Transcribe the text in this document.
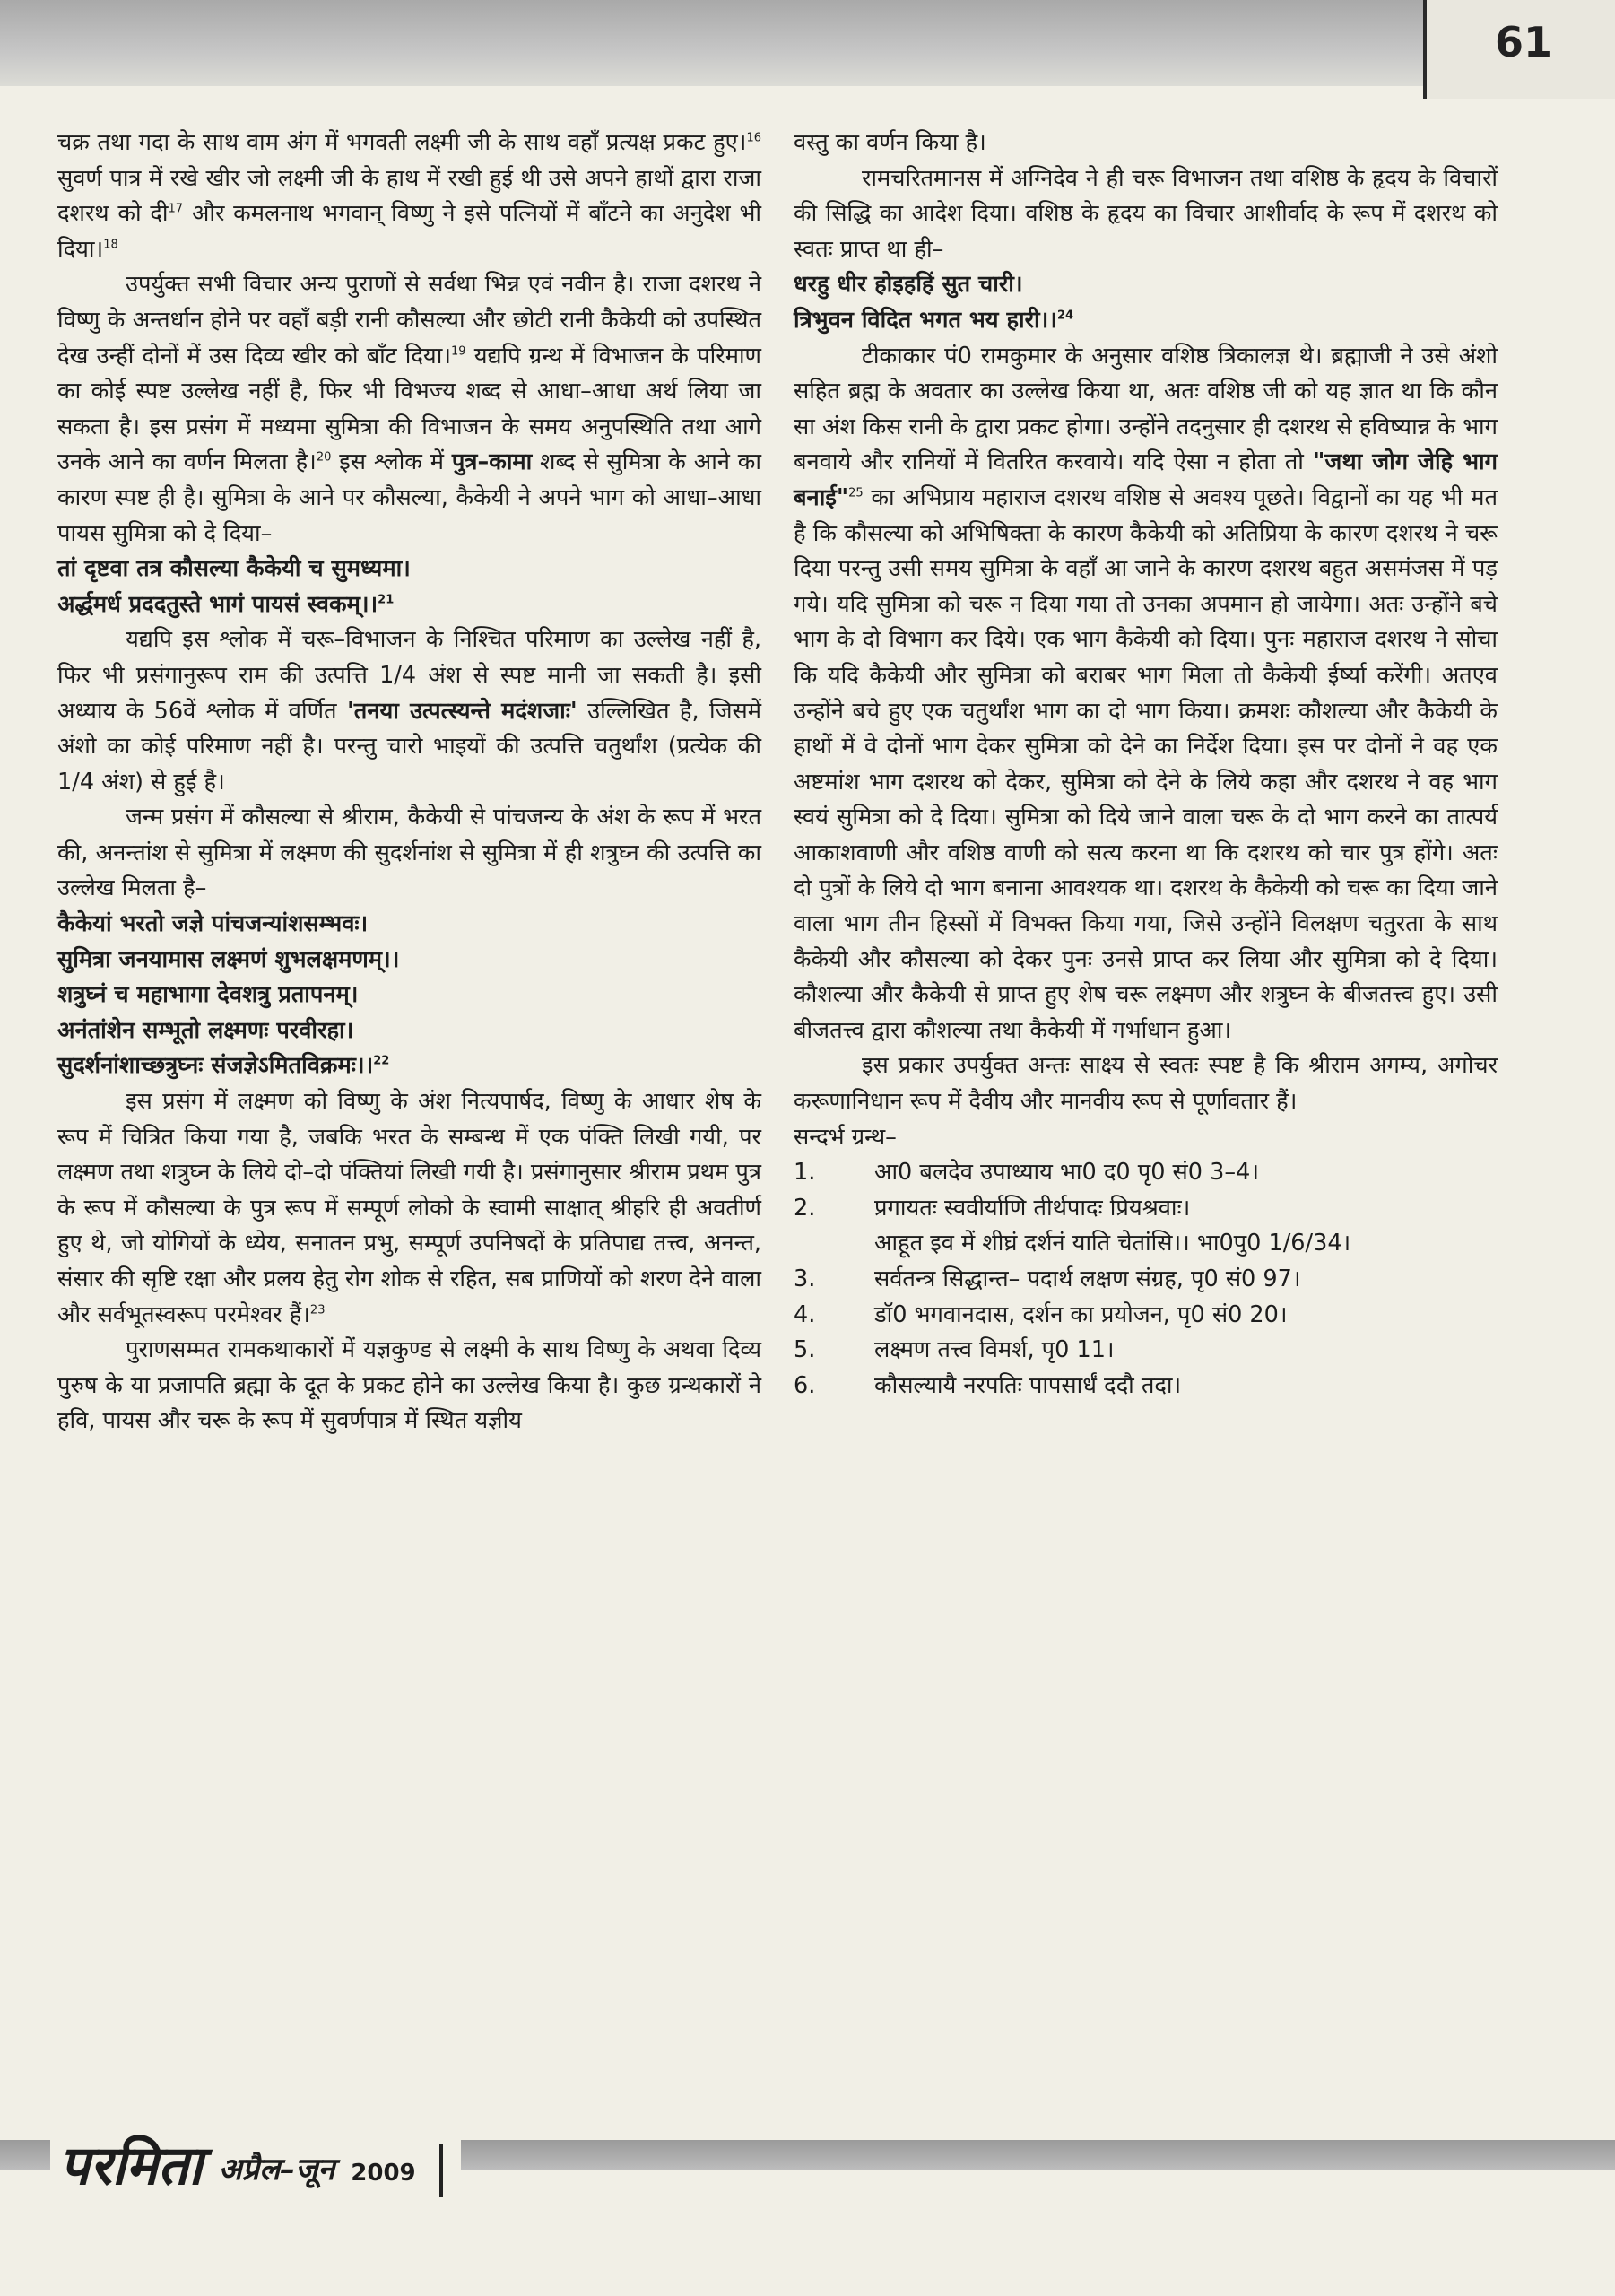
61

चक्र तथा गदा के साथ वाम अंग में भगवती लक्ष्मी जी के साथ वहाँ प्रत्यक्ष प्रकट हुए।$^{16}$ सुवर्ण पात्र में रखे खीर जो लक्ष्मी जी के हाथ में रखी हुई थी उसे अपने हाथों द्वारा राजा दशरथ को दी$^{17}$ और कमलनाथ भगवान् विष्णु ने इसे पत्नियों में बाँटने का अनुदेश भी दिया।$^{18}$

उपर्युक्त सभी विचार अन्य पुराणों से सर्वथा भिन्न एवं नवीन है। राजा दशरथ ने विष्णु के अन्तर्धान होने पर वहाँ बड़ी रानी कौसल्या और छोटी रानी कैकेयी को उपस्थित देख उन्हीं दोनों में उस दिव्य खीर को बाँट दिया।$^{19}$ यद्यपि ग्रन्थ में विभाजन के परिमाण का कोई स्पष्ट उल्लेख नहीं है, फिर भी विभज्य शब्द से आधा–आधा अर्थ लिया जा सकता है। इस प्रसंग में मध्यमा सुमित्रा की विभाजन के समय अनुपस्थिति तथा आगे उनके आने का वर्णन मिलता है।$^{20}$ इस श्लोक में पुत्र–कामा शब्द से सुमित्रा के आने का कारण स्पष्ट ही है। सुमित्रा के आने पर कौसल्या, कैकेयी ने अपने भाग को आधा–आधा पायस सुमित्रा को दे दिया–

तां दृष्टवा तत्र कौसल्या कैकेयी च सुमध्यमा।

अर्द्धमर्ध प्रददतुस्ते भागं पायसं स्वकम्।।$^{21}$

यद्यपि इस श्लोक में चरू–विभाजन के निश्चित परिमाण का उल्लेख नहीं है, फिर भी प्रसंगानुरूप राम की उत्पत्ति 1/4 अंश से स्पष्ट मानी जा सकती है। इसी अध्याय के 56वें श्लोक में वर्णित 'तनया उत्पत्स्यन्ते मदंशजाः' उल्लिखित है, जिसमें अंशो का कोई परिमाण नहीं है। परन्तु चारो भाइयों की उत्पत्ति चतुर्थांश (प्रत्येक की 1/4 अंश) से हुई है।

जन्म प्रसंग में कौसल्या से श्रीराम, कैकेयी से पांचजन्य के अंश के रूप में भरत की, अनन्तांश से सुमित्रा में लक्ष्मण की सुदर्शनांश से सुमित्रा में ही शत्रुघ्न की उत्पत्ति का उल्लेख मिलता है–

कैकेयां भरतो जज्ञे पांचजन्यांशसम्भवः।

सुमित्रा जनयामास लक्ष्मणं शुभलक्षमणम्।।

शत्रुघ्नं च महाभागा देवशत्रु प्रतापनम्।

अनंतांशेन सम्भूतो लक्ष्मणः परवीरहा।

सुदर्शनांशाच्छत्रुघ्नः संजज्ञेऽमितविक्रमः।।$^{22}$

इस प्रसंग में लक्ष्मण को विष्णु के अंश नित्यपार्षद, विष्णु के आधार शेष के रूप में चित्रित किया गया है, जबकि भरत के सम्बन्ध में एक पंक्ति लिखी गयी, पर लक्ष्मण तथा शत्रुघ्न के लिये दो–दो पंक्तियां लिखी गयी है। प्रसंगानुसार श्रीराम प्रथम पुत्र के रूप में कौसल्या के पुत्र रूप में सम्पूर्ण लोको के स्वामी साक्षात् श्रीहरि ही अवतीर्ण हुए थे, जो योगियों के ध्येय, सनातन प्रभु, सम्पूर्ण उपनिषदों के प्रतिपाद्य तत्त्व, अनन्त, संसार की सृष्टि रक्षा और प्रलय हेतु रोग शोक से रहित, सब प्राणियों को शरण देने वाला और सर्वभूतस्वरूप परमेश्वर हैं।$^{23}$

पुराणसम्मत रामकथाकारों में यज्ञकुण्ड से लक्ष्मी के साथ विष्णु के अथवा दिव्य पुरुष के या प्रजापति ब्रह्मा के दूत के प्रकट होने का उल्लेख किया है। कुछ ग्रन्थकारों ने हवि, पायस और चरू के रूप में सुवर्णपात्र में स्थित यज्ञीय

वस्तु का वर्णन किया है।

रामचरितमानस में अग्निदेव ने ही चरू विभाजन तथा वशिष्ठ के हृदय के विचारों की सिद्धि का आदेश दिया। वशिष्ठ के हृदय का विचार आशीर्वाद के रूप में दशरथ को स्वतः प्राप्त था ही–

धरहु धीर होइहहिं सुत चारी।

त्रिभुवन विदित भगत भय हारी।।$^{24}$

टीकाकार पं0 रामकुमार के अनुसार वशिष्ठ त्रिकालज्ञ थे। ब्रह्माजी ने उसे अंशो सहित ब्रह्म के अवतार का उल्लेख किया था, अतः वशिष्ठ जी को यह ज्ञात था कि कौन सा अंश किस रानी के द्वारा प्रकट होगा। उन्होंने तदनुसार ही दशरथ से हविष्यान्न के भाग बनवाये और रानियों में वितरित करवाये। यदि ऐसा न होता तो "जथा जोग जेहि भाग बनाई"$^{25}$ का अभिप्राय महाराज दशरथ वशिष्ठ से अवश्य पूछते। विद्वानों का यह भी मत है कि कौसल्या को अभिषिक्ता के कारण कैकेयी को अतिप्रिया के कारण दशरथ ने चरू दिया परन्तु उसी समय सुमित्रा के वहाँ आ जाने के कारण दशरथ बहुत असमंजस में पड़ गये। यदि सुमित्रा को चरू न दिया गया तो उनका अपमान हो जायेगा। अतः उन्होंने बचे भाग के दो विभाग कर दिये। एक भाग कैकेयी को दिया। पुनः महाराज दशरथ ने सोचा कि यदि कैकेयी और सुमित्रा को बराबर भाग मिला तो कैकेयी ईर्ष्या करेंगी। अतएव उन्होंने बचे हुए एक चतुर्थांश भाग का दो भाग किया। क्रमशः कौशल्या और कैकेयी के हाथों में वे दोनों भाग देकर सुमित्रा को देने का निर्देश दिया। इस पर दोनों ने वह एक अष्टमांश भाग दशरथ को देकर, सुमित्रा को देने के लिये कहा और दशरथ ने वह भाग स्वयं सुमित्रा को दे दिया। सुमित्रा को दिये जाने वाला चरू के दो भाग करने का तात्पर्य आकाशवाणी और वशिष्ठ वाणी को सत्य करना था कि दशरथ को चार पुत्र होंगे। अतः दो पुत्रों के लिये दो भाग बनाना आवश्यक था। दशरथ के कैकेयी को चरू का दिया जाने वाला भाग तीन हिस्सों में विभक्त किया गया, जिसे उन्होंने विलक्षण चतुरता के साथ कैकेयी और कौसल्या को देकर पुनः उनसे प्राप्त कर लिया और सुमित्रा को दे दिया। कौशल्या और कैकेयी से प्राप्त हुए शेष चरू लक्ष्मण और शत्रुघ्न के बीजतत्त्व हुए। उसी बीजतत्त्व द्वारा कौशल्या तथा कैकेयी में गर्भाधान हुआ।

इस प्रकार उपर्युक्त अन्तः साक्ष्य से स्वतः स्पष्ट है कि श्रीराम अगम्य, अगोचर करूणानिधान रूप में दैवीय और मानवीय रूप से पूर्णावतार हैं।

सन्दर्भ ग्रन्थ–

1.	आ0 बलदेव उपाध्याय भा0 द0 पृ0 सं0 3–4।
2.	प्रगायतः स्ववीर्याणि तीर्थपादः प्रियश्रवाः।
आहूत इव में शीघ्रं दर्शनं याति चेतांसि।। भा0पु0 1/6/34।
3.	सर्वतन्त्र सिद्धान्त– पदार्थ लक्षण संग्रह, पृ0 सं0 97।
4.	डॉ0 भगवानदास, दर्शन का प्रयोजन, पृ0 सं0 20।
5.	लक्ष्मण तत्त्व विमर्श, पृ0 11।
6.	कौसल्यायै नरपतिः पापसार्धं ददौ तदा।
परमिता अप्रैल–जून 2009
